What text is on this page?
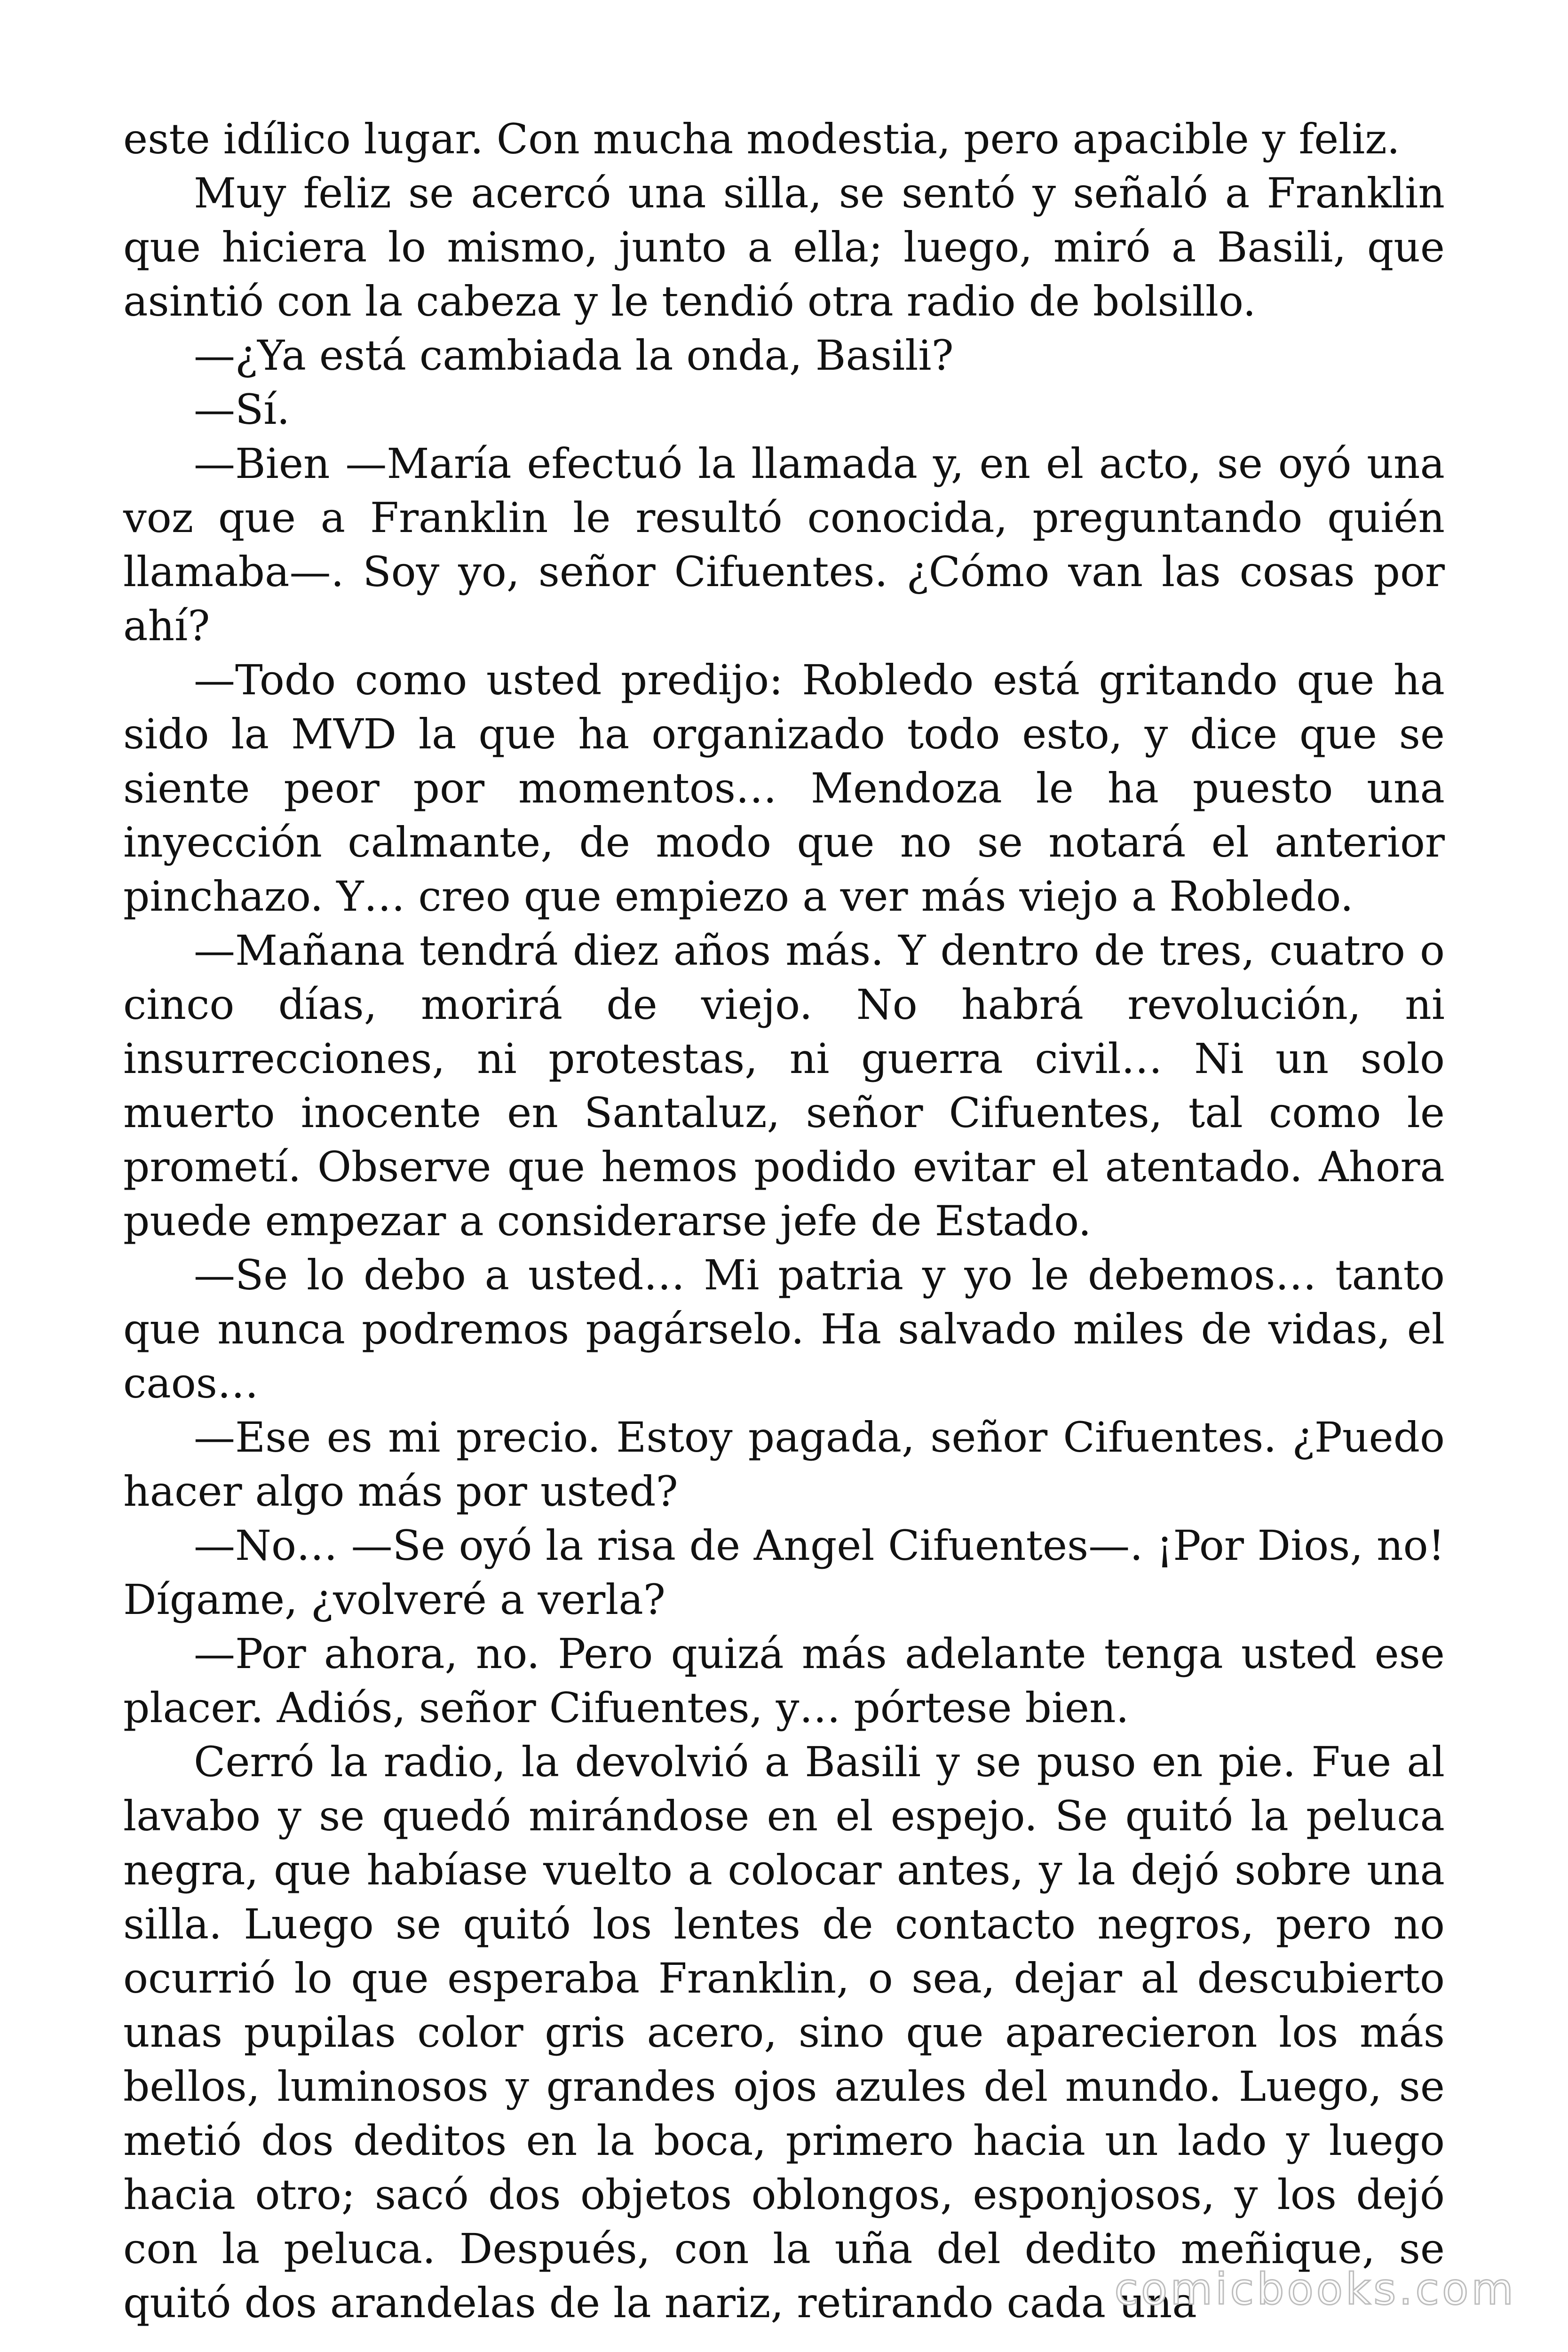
este idílico lugar. Con mucha modestia, pero apacible y feliz.

Muy feliz se acercó una silla, se sentó y señaló a Franklin que hiciera lo mismo, junto a ella; luego, miró a Basili, que asintió con la cabeza y le tendió otra radio de bolsillo.

—¿Ya está cambiada la onda, Basili?

—Sí.

—Bien —María efectuó la llamada y, en el acto, se oyó una voz que a Franklin le resultó conocida, preguntando quién llamaba—. Soy yo, señor Cifuentes. ¿Cómo van las cosas por ahí?

—Todo como usted predijo: Robledo está gritando que ha sido la MVD la que ha organizado todo esto, y dice que se siente peor por momentos… Mendoza le ha puesto una inyección calmante, de modo que no se notará el anterior pinchazo. Y… creo que empiezo a ver más viejo a Robledo.

—Mañana tendrá diez años más. Y dentro de tres, cuatro o cinco días, morirá de viejo. No habrá revolución, ni insurrecciones, ni protestas, ni guerra civil… Ni un solo muerto inocente en Santaluz, señor Cifuentes, tal como le prometí. Observe que hemos podido evitar el atentado. Ahora puede empezar a considerarse jefe de Estado.

—Se lo debo a usted… Mi patria y yo le debemos… tanto que nunca podremos pagárselo. Ha salvado miles de vidas, el caos…

—Ese es mi precio. Estoy pagada, señor Cifuentes. ¿Puedo hacer algo más por usted?

—No… —Se oyó la risa de Angel Cifuentes—. ¡Por Dios, no! Dígame, ¿volveré a verla?

—Por ahora, no. Pero quizá más adelante tenga usted ese placer. Adiós, señor Cifuentes, y… pórtese bien.

Cerró la radio, la devolvió a Basili y se puso en pie. Fue al lavabo y se quedó mirándose en el espejo. Se quitó la peluca negra, que habíase vuelto a colocar antes, y la dejó sobre una silla. Luego se quitó los lentes de contacto negros, pero no ocurrió lo que esperaba Franklin, o sea, dejar al descubierto unas pupilas color gris acero, sino que aparecieron los más bellos, luminosos y grandes ojos azules del mundo. Luego, se metió dos deditos en la boca, primero hacia un lado y luego hacia otro; sacó dos objetos oblongos, esponjosos, y los dejó con la peluca. Después, con la uña del dedito meñique, se quitó dos arandelas de la nariz, retirando cada una

comicbooks.com
